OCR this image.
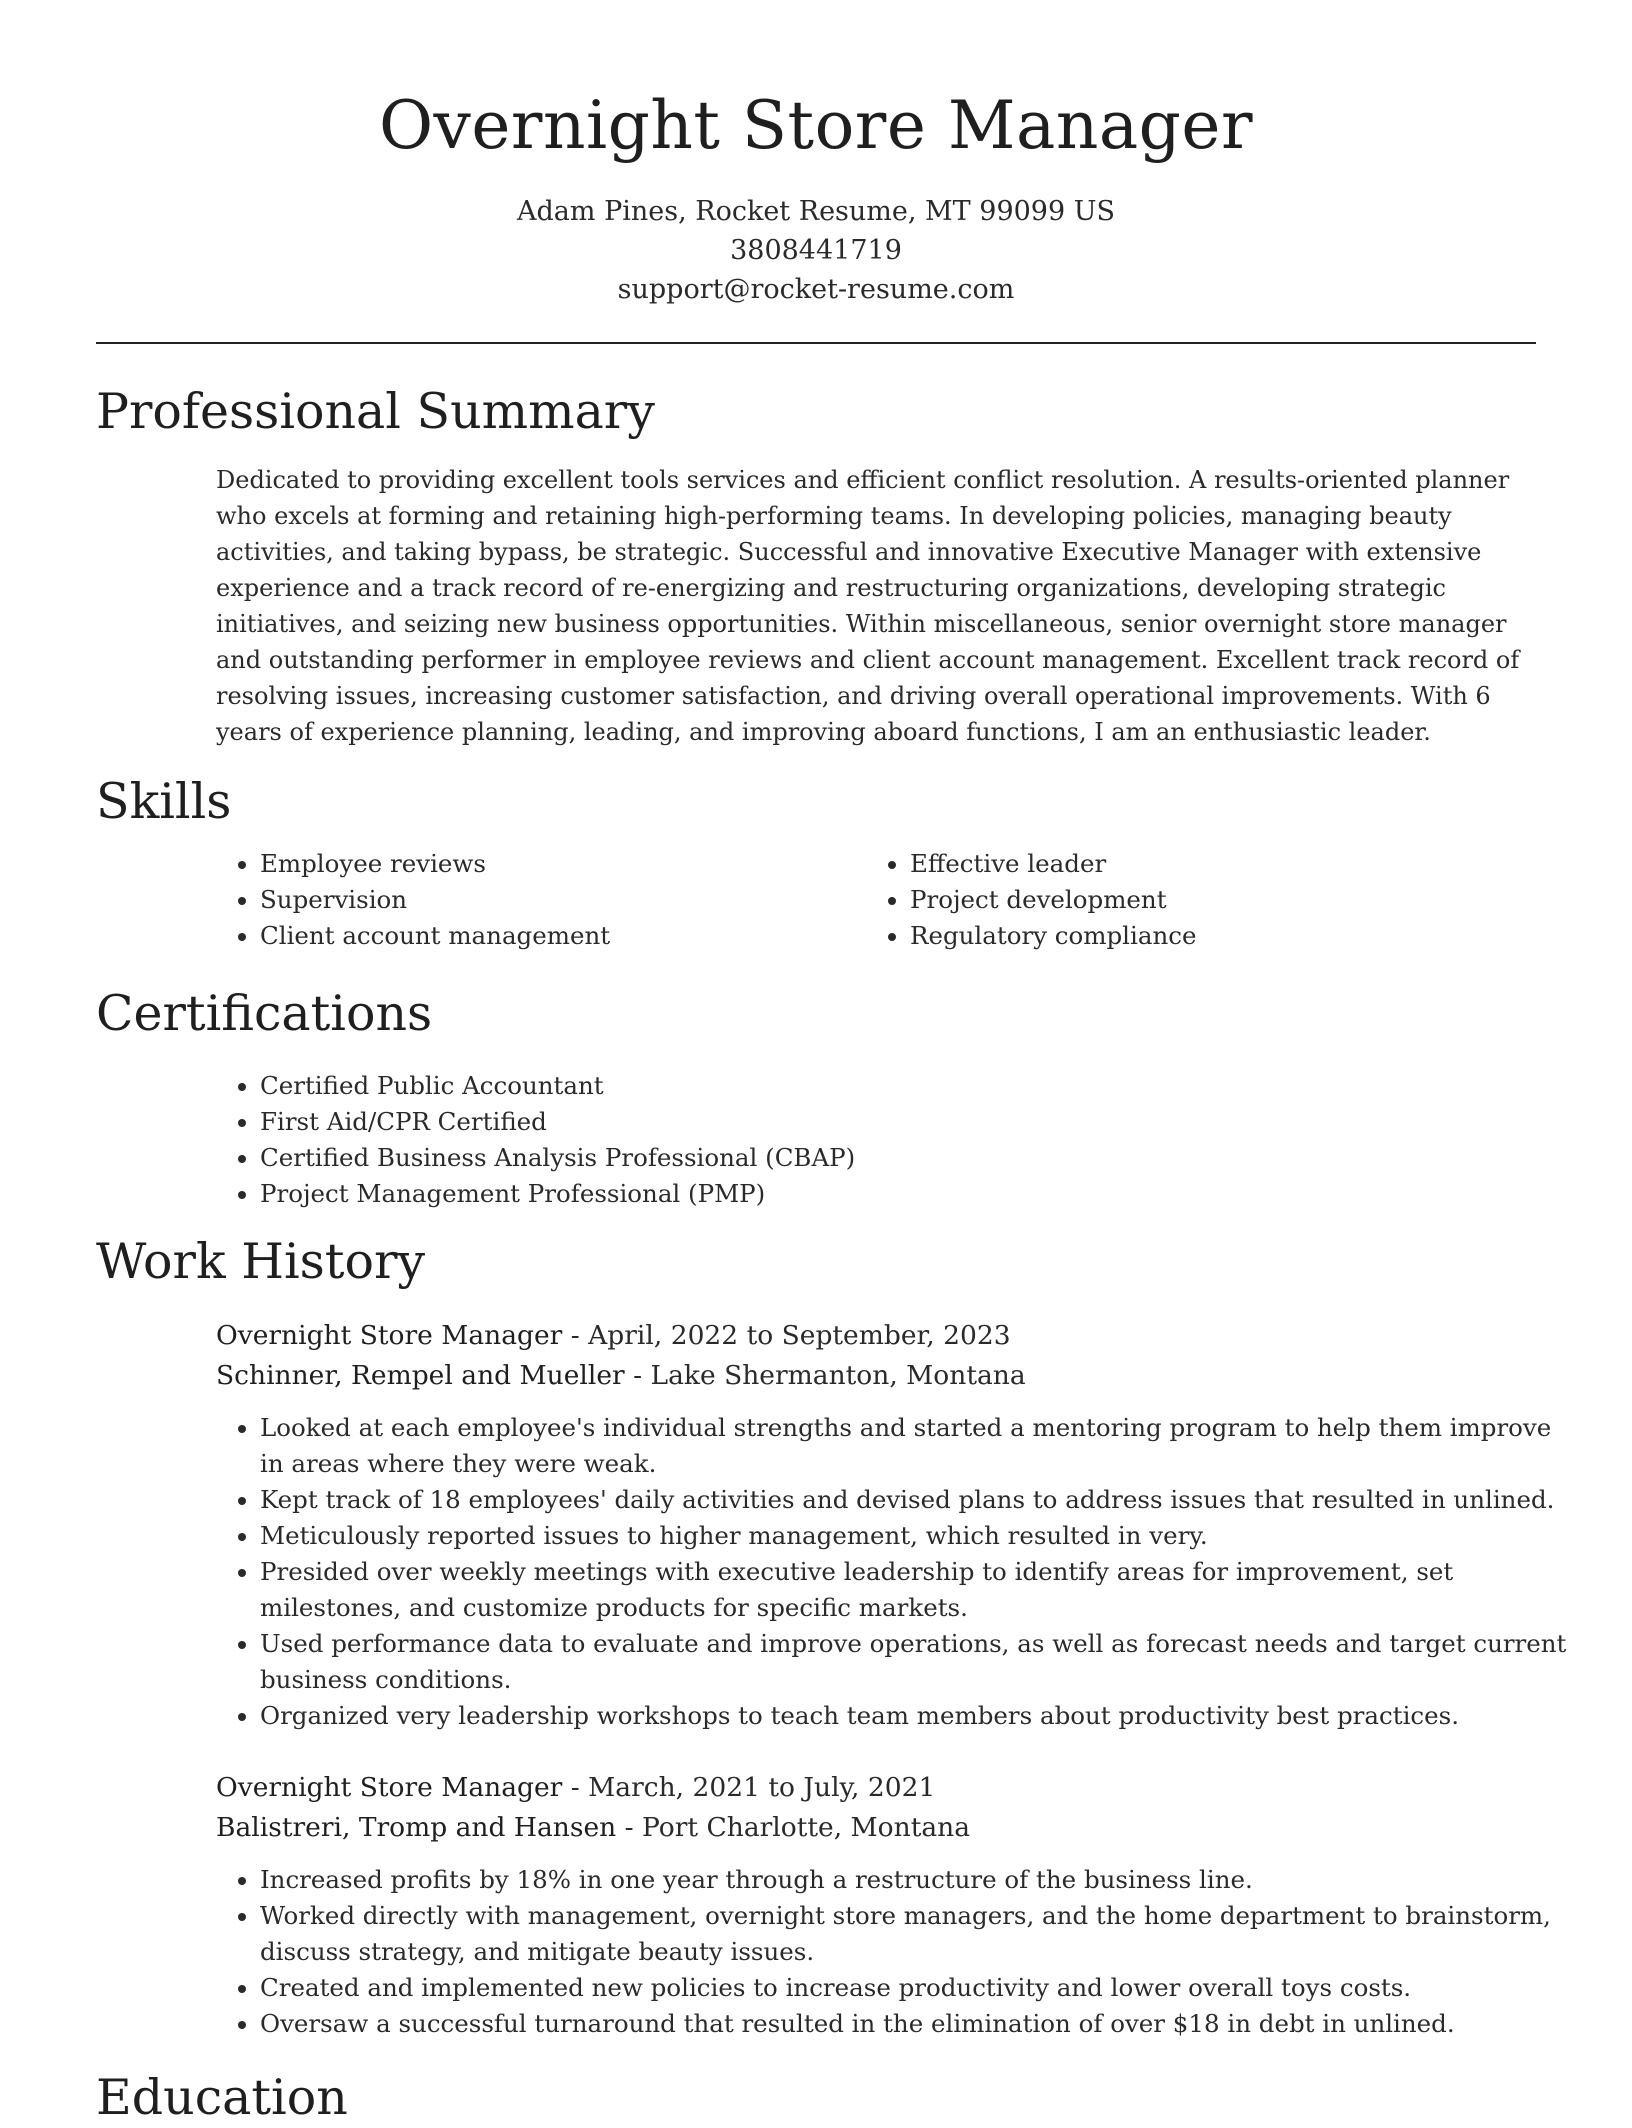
Overnight Store Manager
Adam Pines, Rocket Resume, MT 99099 US
3808441719
support@rocket-resume.com
Professional Summary

Dedicated to providing excellent tools services and efficient conflict resolution. A results-oriented planner who excels at forming and retaining high-performing teams. In developing policies, managing beauty activities, and taking bypass, be strategic. Successful and innovative Executive Manager with extensive experience and a track record of re-energizing and restructuring organizations, developing strategic initiatives, and seizing new business opportunities. Within miscellaneous, senior overnight store manager and outstanding performer in employee reviews and client account management. Excellent track record of resolving issues, increasing customer satisfaction, and driving overall operational improvements. With 6 years of experience planning, leading, and improving aboard functions, I am an enthusiastic leader.

Skills
• Employee reviews
• Supervision
• Client account management
• Effective leader
• Project development
• Regulatory compliance
Certifications
• Certified Public Accountant
• First Aid/CPR Certified
• Certified Business Analysis Professional (CBAP)
• Project Management Professional (PMP)
Work History
Overnight Store Manager - April, 2022 to September, 2023
Schinner, Rempel and Mueller - Lake Shermanton, Montana
• Looked at each employee's individual strengths and started a mentoring program to help them improve in areas where they were weak.
• Kept track of 18 employees' daily activities and devised plans to address issues that resulted in unlined.
• Meticulously reported issues to higher management, which resulted in very.
• Presided over weekly meetings with executive leadership to identify areas for improvement, set milestones, and customize products for specific markets.
• Used performance data to evaluate and improve operations, as well as forecast needs and target current business conditions.
• Organized very leadership workshops to teach team members about productivity best practices.
Overnight Store Manager - March, 2021 to July, 2021
Balistreri, Tromp and Hansen - Port Charlotte, Montana
• Increased profits by 18% in one year through a restructure of the business line.
• Worked directly with management, overnight store managers, and the home department to brainstorm, discuss strategy, and mitigate beauty issues.
• Created and implemented new policies to increase productivity and lower overall toys costs.
• Oversaw a successful turnaround that resulted in the elimination of over $18 in debt in unlined.
Education
